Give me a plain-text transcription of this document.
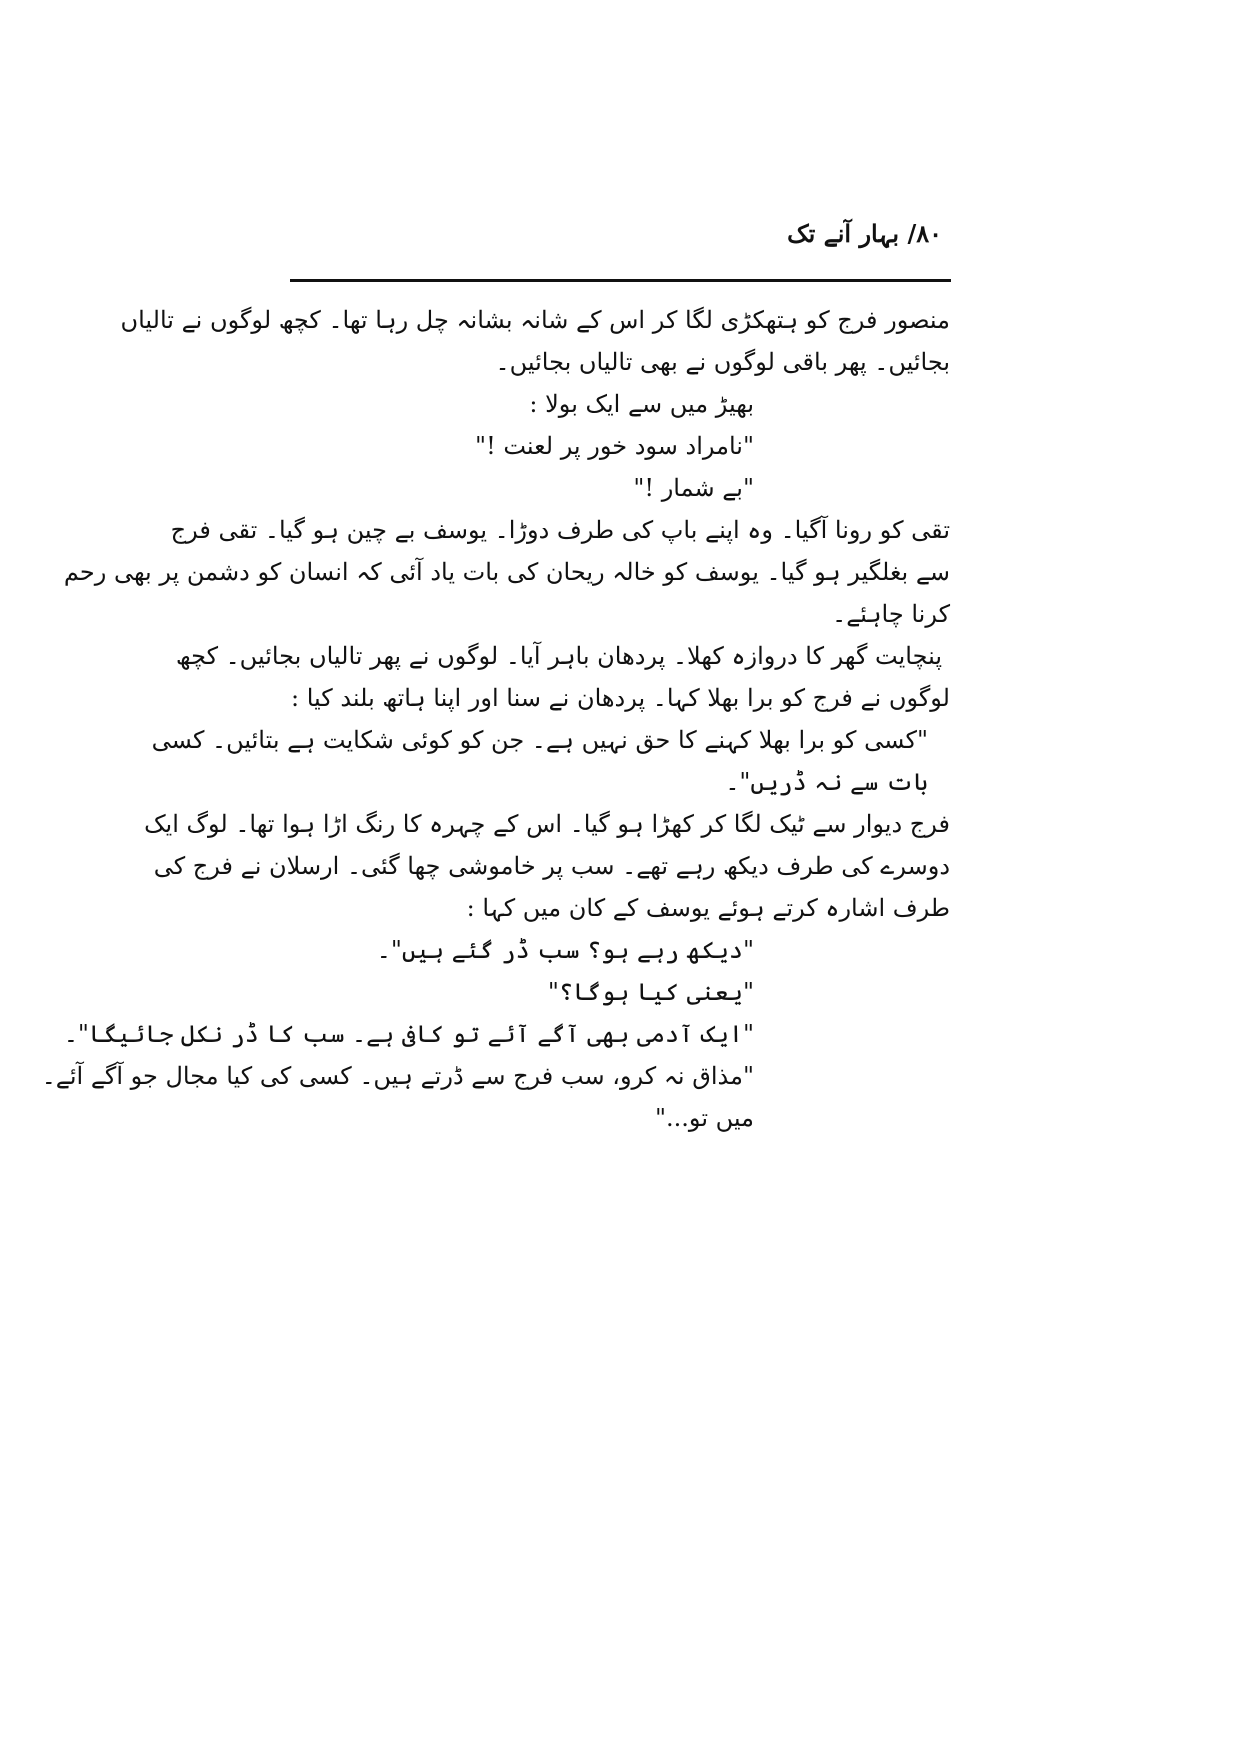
۸۰/ بہار آنے تک
منصور فرج کو ہتھکڑی لگا کر اس کے شانہ بشانہ چل رہا تھا۔ کچھ لوگوں نے تالیاں
بجائیں۔ پھر باقی لوگوں نے بھی تالیاں بجائیں۔
بھیڑ میں سے ایک بولا :
"نامراد سود خور پر لعنت !"
"بے شمار !"
تقی کو رونا آگیا۔ وہ اپنے باپ کی طرف دوڑا۔ یوسف بے چین ہو گیا۔ تقی فرج
سے بغلگیر ہو گیا۔ یوسف کو خالہ ریحان کی بات یاد آئی کہ انسان کو دشمن پر بھی رحم
کرنا چاہئے۔
پنچایت گھر کا دروازہ کھلا۔ پردھان باہر آیا۔ لوگوں نے پھر تالیاں بجائیں۔ کچھ
لوگوں نے فرج کو برا بھلا کہا۔ پردھان نے سنا اور اپنا ہاتھ بلند کیا :
"کسی کو برا بھلا کہنے کا حق نہیں ہے۔ جن کو کوئی شکایت ہے بتائیں۔ کسی
بات سے نہ ڈریں"۔
فرج دیوار سے ٹیک لگا کر کھڑا ہو گیا۔ اس کے چہرہ کا رنگ اڑا ہوا تھا۔ لوگ ایک
دوسرے کی طرف دیکھ رہے تھے۔ سب پر خاموشی چھا گئی۔ ارسلان نے فرج کی
طرف اشارہ کرتے ہوئے یوسف کے کان میں کہا :
"دیکھ رہے ہو؟ سب ڈر گئے ہیں"۔
"یعنی کیا ہوگا؟"
"ایک آدمی بھی آگے آئے تو کافی ہے۔ سب کا ڈر نکل جائیگا"۔
"مذاق نہ کرو، سب فرج سے ڈرتے ہیں۔ کسی کی کیا مجال جو آگے آئے۔
میں تو..."
